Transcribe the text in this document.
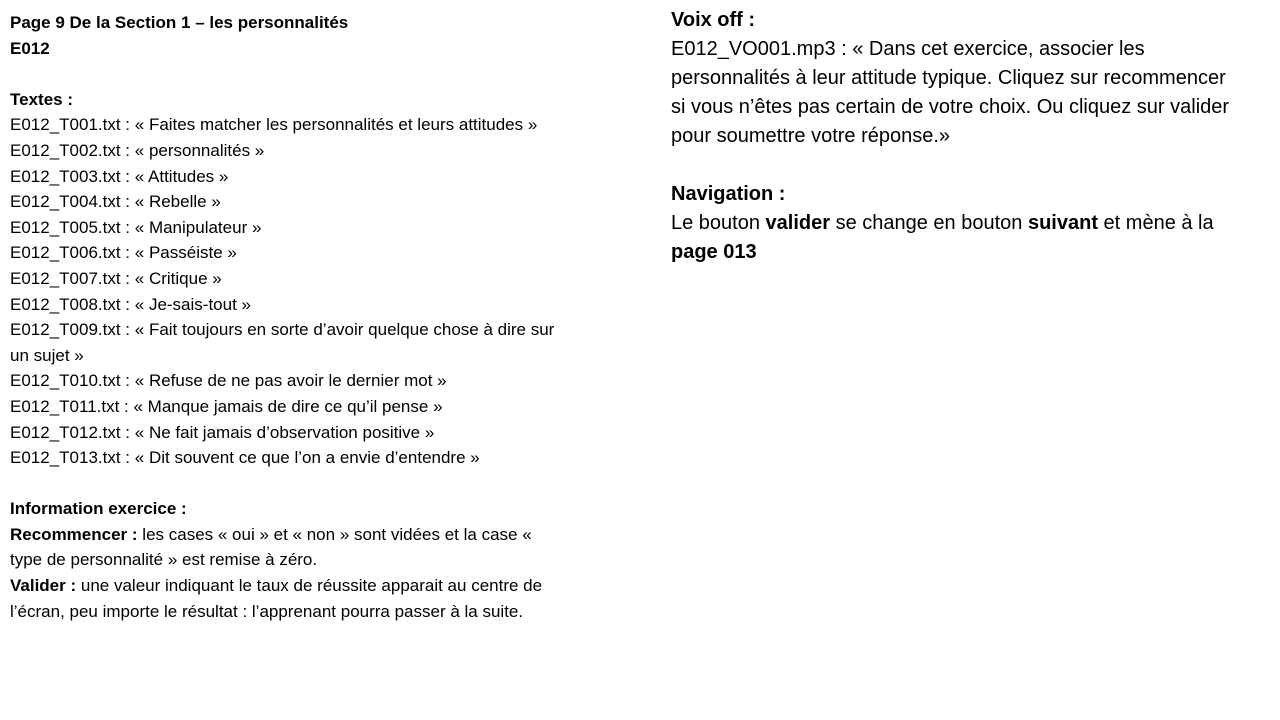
Page 9 De la Section 1 – les personnalités
E012
Textes :
E012_T001.txt : « Faites matcher les personnalités et leurs attitudes »
E012_T002.txt : « personnalités »
E012_T003.txt : « Attitudes »
E012_T004.txt : « Rebelle »
E012_T005.txt : « Manipulateur »
E012_T006.txt : « Passéiste »
E012_T007.txt : « Critique »
E012_T008.txt : « Je-sais-tout »
E012_T009.txt : « Fait toujours en sorte d’avoir quelque chose à dire sur un sujet »
E012_T010.txt : « Refuse de ne pas avoir le dernier mot »
E012_T011.txt : « Manque jamais de dire ce qu’il pense »
E012_T012.txt : « Ne fait jamais d’observation positive »
E012_T013.txt : « Dit souvent ce que l’on a envie d’entendre »
Information exercice :
Recommencer : les cases « oui » et « non » sont vidées et la case « type de personnalité » est remise à zéro.
Valider : une valeur indiquant le taux de réussite apparait au centre de l’écran, peu importe le résultat : l’apprenant pourra passer à la suite.
Voix off :
E012_VO001.mp3 : « Dans cet exercice, associer les personnalités à leur attitude typique. Cliquez sur recommencer si vous n’êtes pas certain de votre choix. Ou cliquez sur valider pour soumettre votre réponse.»
Navigation :
Le bouton valider se change en bouton suivant et mène à la page 013
